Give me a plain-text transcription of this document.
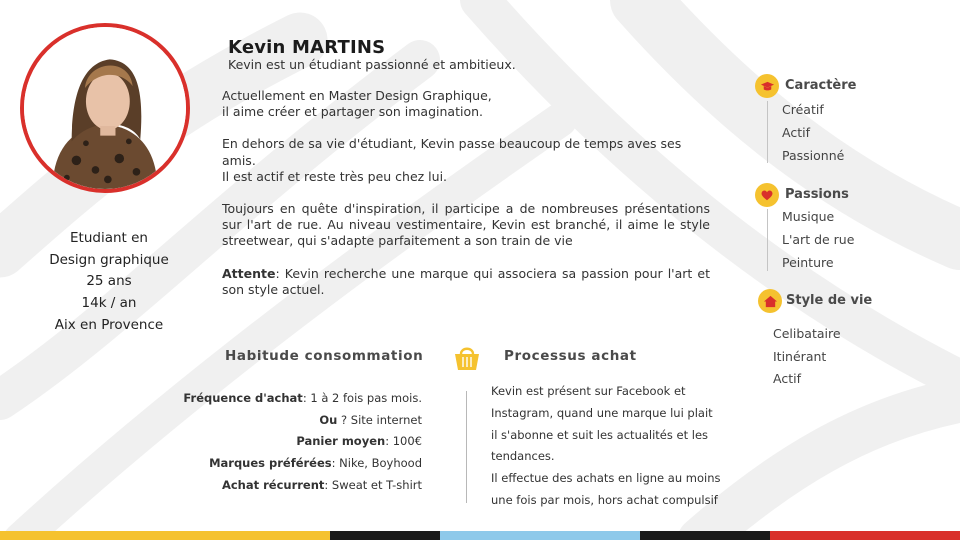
Etudiant en
Design graphique
25 ans
14k / an
Aix en Provence
Kevin MARTINS
Kevin est un étudiant passionné et ambitieux.

Actuellement en Master Design Graphique,
il aime créer et partager son imagination.

En dehors de sa vie d'étudiant, Kevin passe beaucoup de temps aves ses amis.
Il est actif et reste très peu chez lui.

Toujours en quête d'inspiration, il participe a de nombreuses présentations sur l'art de rue. Au niveau vestimentaire, Kevin est branché, il aime le style streetwear, qui s'adapte parfaitement a son train de vie

Attente: Kevin recherche une marque qui associera sa passion pour l'art et son style actuel.

Habitude consommation	Processus achat
Fréquence d'achat: 1 à 2 fois pas mois.
Ou ? Site internet
Panier moyen: 100€
Marques préférées: Nike, Boyhood
Achat récurrent: Sweat et T-shirt

Kevin est présent sur Facebook et

Instagram, quand une marque lui plait

il s'abonne et suit les actualités et les

tendances.

Il effectue des achats en ligne au moins

une fois par mois, hors achat compulsif

Caractère
Créatif
Actif
Passionné
Passions
Musique
L'art de rue
Peinture
Style de vie
Celibataire
Itinérant
Actif
